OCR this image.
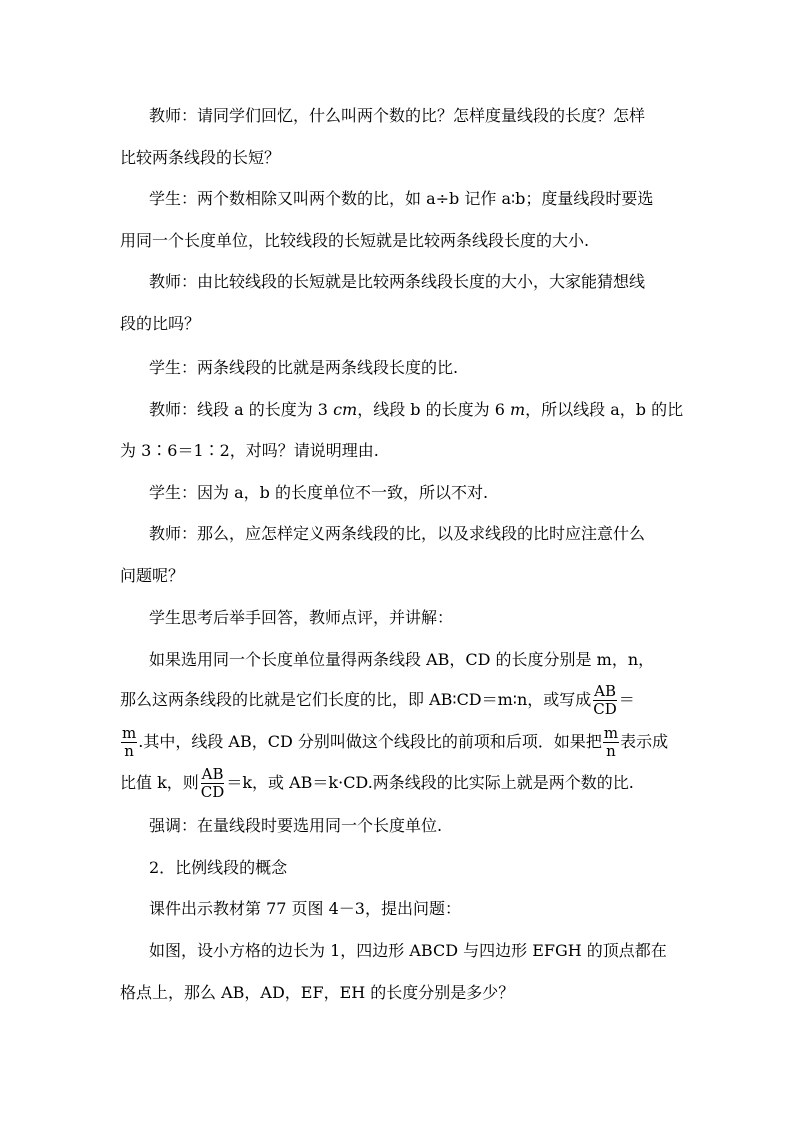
教师：请同学们回忆，什么叫两个数的比？怎样度量线段的长度？怎样
比较两条线段的长短？
学生：两个数相除又叫两个数的比，如 a÷b 记作 a∶b；度量线段时要选
用同一个长度单位，比较线段的长短就是比较两条线段长度的大小.
教师：由比较线段的长短就是比较两条线段长度的大小，大家能猜想线
段的比吗？
学生：两条线段的比就是两条线段长度的比.
教师：线段 a 的长度为 3 cm，线段 b 的长度为 6 m，所以线段 a，b 的比
为 3∶6＝1∶2，对吗？请说明理由.
学生：因为 a，b 的长度单位不一致，所以不对.
教师：那么，应怎样定义两条线段的比，以及求线段的比时应注意什么
问题呢？
学生思考后举手回答，教师点评，并讲解：
如果选用同一个长度单位量得两条线段 AB，CD 的长度分别是 m，n，
那么这两条线段的比就是它们长度的比，即 AB∶CD＝m∶n，或写成 $\frac{AB}{CD}$ ＝
$\frac{m}{n}$ .其中，线段 AB，CD 分别叫做这个线段比的前项和后项．如果把 $\frac{m}{n}$ 表示成
比值 k，则 $\frac{AB}{CD} =k$，或 AB＝k·CD.两条线段的比实际上就是两个数的比.
强调：在量线段时要选用同一个长度单位.
2．比例线段的概念
课件出示教材第 77 页图 4－3，提出问题：
如图，设小方格的边长为 1，四边形 ABCD 与四边形 EFGH 的顶点都在
格点上，那么 AB，AD，EF，EH 的长度分别是多少？
